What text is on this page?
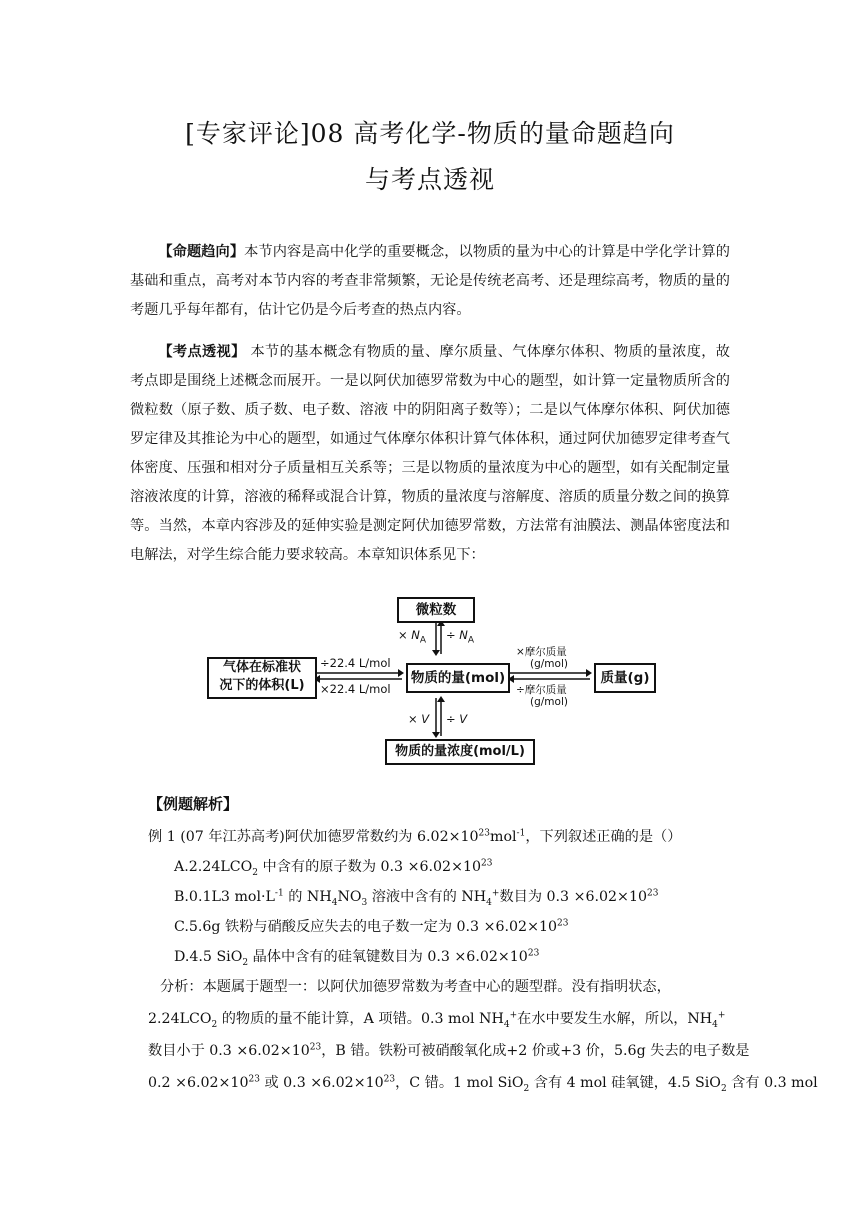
[专家评论]08 高考化学-物质的量命题趋向
与考点透视
【命题趋向】本节内容是高中化学的重要概念，以物质的量为中心的计算是中学化学计算的基础和重点，高考对本节内容的考查非常频繁，无论是传统老高考、还是理综高考，物质的量的考题几乎每年都有，估计它仍是今后考查的热点内容。
【考点透视】 本节的基本概念有物质的量、摩尔质量、气体摩尔体积、物质的量浓度，故考点即是围绕上述概念而展开。一是以阿伏加德罗常数为中心的题型，如计算一定量物质所含的微粒数（原子数、质子数、电子数、溶液 中的阴阳离子数等）；二是以气体摩尔体积、阿伏加德罗定律及其推论为中心的题型，如通过气体摩尔体积计算气体体积，通过阿伏加德罗定律考查气体密度、压强和相对分子质量相互关系等；三是以物质的量浓度为中心的题型，如有关配制定量溶液浓度的计算，溶液的稀释或混合计算，物质的量浓度与溶解度、溶质的质量分数之间的换算等。当然，本章内容涉及的延伸实验是测定阿伏加德罗常数，方法常有油膜法、测晶体密度法和电解法，对学生综合能力要求较高。本章知识体系见下：
微粒数
× $N_A \div N_A$
气体在标准状
况下的体积(L)
÷22.4 L/mol
×22.4 L/mol
物质的量(mol)
×摩尔质量
(g/mol)
÷摩尔质量
(g/mol)
质量(g)
× V ÷ V
物质的量浓度(mol/L)
【例题解析】
例 1 (07 年江苏高考)阿伏加德罗常数约为 $6.02\times 10^{23}mol^{-1}$，下列叙述正确的是（）
$A.2.24LCO_2$ 中含有的原子数为 $0.3 \times 6.02\times 10^{23}$
B.0.1L3 $mol\cdot L^{-1}$ 的 $NH_4NO_3$ 溶液中含有的 $NH_4^+$数目为 $0.3 \times 6.02\times 10^{23}$
C.5.6g 铁粉与硝酸反应失去的电子数一定为 $0.3 \times 6.02\times 10^{23}$
D.4.5 SiO$_2$ 晶体中含有的硅氧键数目为 $0.3 \times 6.02\times 10^{23}$
分析：本题属于题型一：以阿伏加德罗常数为考查中心的题型群。没有指明状态，
$2.24LCO_2$ 的物质的量不能计算，A 项错。0.3 mol $NH_4^+$在水中要发生水解，所以，$NH_4^+$
数目小于 $0.3 \times 6.02\times 10^{23}$，B 错。铁粉可被硝酸氧化成+2 价或+3 价，5.6g 失去的电子数是
$0.2 \times 6.02\times 10^{23}$ 或 $0.3 \times 6.02\times 10^{23}$，C 错。1 mol SiO$_2$ 含有 4 mol 硅氧键，4.5 SiO$_2$ 含有 0.3 mol
